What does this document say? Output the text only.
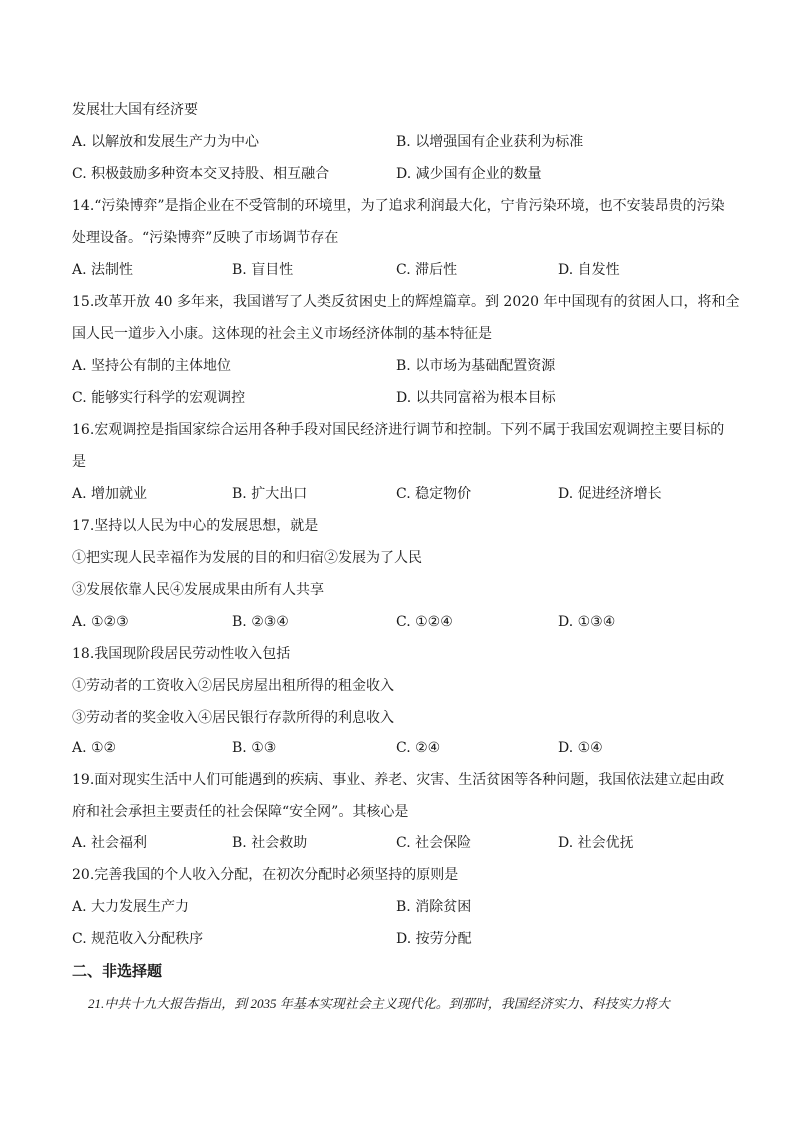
发展壮大国有经济要
A. 以解放和发展生产力为中心	B. 以增强国有企业获利为标准
C. 积极鼓励多种资本交叉持股、相互融合	D. 减少国有企业的数量
14.“污染博弈”是指企业在不受管制的环境里，为了追求利润最大化，宁肯污染环境，也不安装昂贵的污染
处理设备。“污染博弈”反映了市场调节存在
A. 法制性	B. 盲目性	C. 滞后性	D. 自发性
15.改革开放 40 多年来，我国谱写了人类反贫困史上的辉煌篇章。到 2020 年中国现有的贫困人口，将和全
国人民一道步入小康。这体现的社会主义市场经济体制的基本特征是
A. 坚持公有制的主体地位	B. 以市场为基础配置资源
C. 能够实行科学的宏观调控	D. 以共同富裕为根本目标
16.宏观调控是指国家综合运用各种手段对国民经济进行调节和控制。下列不属于我国宏观调控主要目标的
是
A. 增加就业	B. 扩大出口	C. 稳定物价	D. 促进经济增长
17.坚持以人民为中心的发展思想，就是
①把实现人民幸福作为发展的目的和归宿②发展为了人民
③发展依靠人民④发展成果由所有人共享
A. ①②③	B. ②③④	C. ①②④	D. ①③④
18.我国现阶段居民劳动性收入包括
①劳动者的工资收入②居民房屋出租所得的租金收入
③劳动者的奖金收入④居民银行存款所得的利息收入
A. ①②	B. ①③	C. ②④	D. ①④
19.面对现实生活中人们可能遇到的疾病、事业、养老、灾害、生活贫困等各种问题，我国依法建立起由政
府和社会承担主要责任的社会保障“安全网”。其核心是
A. 社会福利	B. 社会救助	C. 社会保险	D. 社会优抚
20.完善我国的个人收入分配，在初次分配时必须坚持的原则是
A. 大力发展生产力	B. 消除贫困
C. 规范收入分配秩序	D. 按劳分配
二、非选择题
21.中共十九大报告指出，到 2035 年基本实现社会主义现代化。到那时，我国经济实力、科技实力将大
